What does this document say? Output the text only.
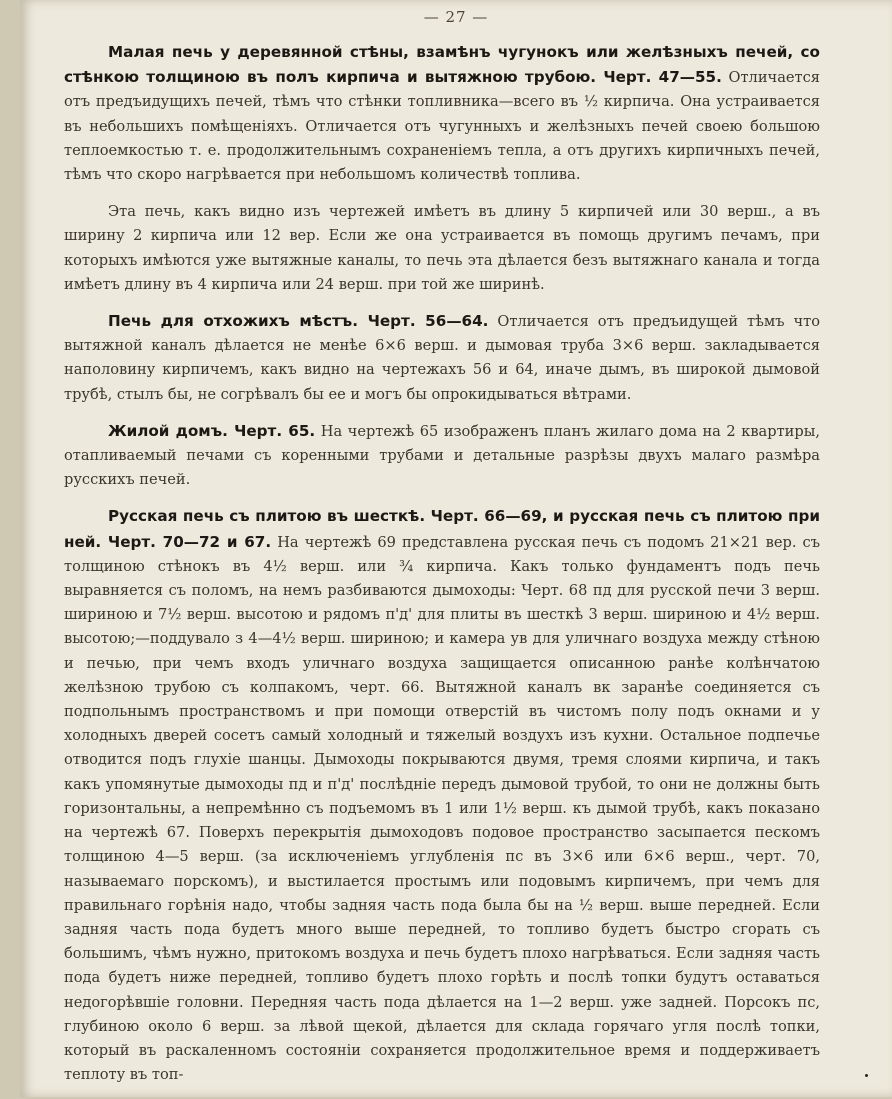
— 27 —

Малая печь у деревянной стѣны, взамѣнъ чугунокъ или желѣзныхъ печей, со стѣнкою толщиною въ полъ кирпича и вытяжною трубою. Черт. 47—55. Отличается отъ предъидущихъ печей, тѣмъ что стѣнки топливника—всего въ ½ кирпича. Она устраивается въ небольшихъ помѣщеніяхъ. Отличается отъ чугунныхъ и желѣзныхъ печей своею большою теплоемкостью т. е. продолжительнымъ сохраненіемъ тепла, а отъ другихъ кирпичныхъ печей, тѣмъ что скоро нагрѣвается при небольшомъ количествѣ топлива.

Эта печь, какъ видно изъ чертежей имѣетъ въ длину 5 кирпичей или 30 верш., а въ ширину 2 кирпича или 12 вер. Если же она устраивается въ помощь другимъ печамъ, при которыхъ имѣются уже вытяжные каналы, то печь эта дѣлается безъ вытяжнаго канала и тогда имѣетъ длину въ 4 кирпича или 24 верш. при той же ширинѣ.

Печь для отхожихъ мѣстъ. Черт. 56—64. Отличается отъ предъидущей тѣмъ что вытяжной каналъ дѣлается не менѣе 6×6 верш. и дымовая труба 3×6 верш. закладывается наполовину кирпичемъ, какъ видно на чертежахъ 56 и 64, иначе дымъ, въ широкой дымовой трубѣ, стылъ бы, не согрѣвалъ бы ее и могъ бы опрокидываться вѣтрами.

Жилой домъ. Черт. 65. На чертежѣ 65 изображенъ планъ жилаго дома на 2 квартиры, отапливаемый печами съ коренными трубами и детальные разрѣзы двухъ малаго размѣра русскихъ печей.

Русская печь съ плитою въ шесткѣ. Черт. 66—69, и русская печь съ плитою при ней. Черт. 70—72 и 67. На чертежѣ 69 представлена русская печь съ подомъ 21×21 вер. съ толщиною стѣнокъ въ 4½ верш. или ¾ кирпича. Какъ только фундаментъ подъ печь выравняется съ поломъ, на немъ разбиваются дымоходы: Черт. 68 пд для русской печи 3 верш. шириною и 7½ верш. высотою и рядомъ п'д' для плиты въ шесткѣ 3 верш. шириною и 4½ верш. высотою;—поддувало з 4—4½ верш. шириною; и камера ув для уличнаго воздуха между стѣною и печью, при чемъ входъ уличнаго воздуха защищается описанною ранѣе колѣнчатою желѣзною трубою съ колпакомъ, черт. 66. Вытяжной каналъ вк заранѣе соединяется съ подпольнымъ пространствомъ и при помощи отверстій въ чистомъ полу подъ окнами и у холодныхъ дверей сосетъ самый холодный и тяжелый воздухъ изъ кухни. Остальное подпечье отводится подъ глухіе шанцы. Дымоходы покрываются двумя, тремя слоями кирпича, и такъ какъ упомянутые дымоходы пд и п'д' послѣдніе передъ дымовой трубой, то они не должны быть горизонтальны, а непремѣнно съ подъемомъ въ 1 или 1½ верш. къ дымой трубѣ, какъ показано на чертежѣ 67. Поверхъ перекрытія дымоходовъ подовое пространство засыпается пескомъ толщиною 4—5 верш. (за исключеніемъ углубленія пс въ 3×6 или 6×6 верш., черт. 70, называемаго порскомъ), и выстилается простымъ или подовымъ кирпичемъ, при чемъ для правильнаго горѣнія надо, чтобы задняя часть пода была бы на ½ верш. выше передней. Если задняя часть пода будетъ много выше передней, то топливо будетъ быстро сгорать съ большимъ, чѣмъ нужно, притокомъ воздуха и печь будетъ плохо нагрѣваться. Если задняя часть пода будетъ ниже передней, топливо будетъ плохо горѣть и послѣ топки будутъ оставаться недогорѣвшіе головни. Передняя часть пода дѣлается на 1—2 верш. уже задней. Порсокъ пс, глубиною около 6 верш. за лѣвой щекой, дѣлается для склада горячаго угля послѣ топки, который въ раскаленномъ состояніи сохраняется продолжительное время и поддерживаетъ теплоту въ топ-
